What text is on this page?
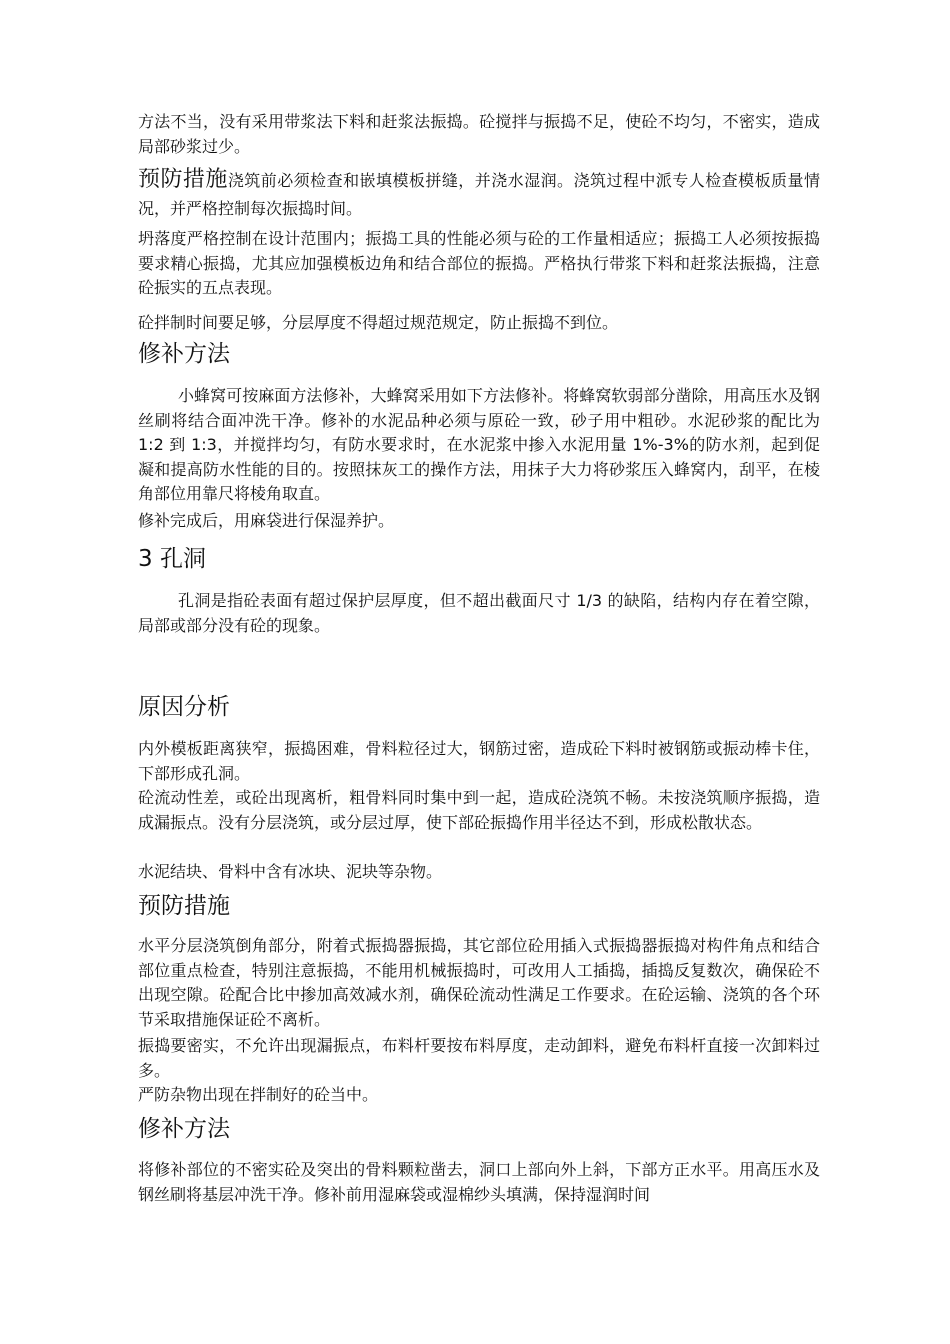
方法不当，没有采用带浆法下料和赶浆法振捣。砼搅拌与振捣不足，使砼不均匀，不密实，造成局部砂浆过少。

预防措施浇筑前必须检查和嵌填模板拼缝，并浇水湿润。浇筑过程中派专人检查模板质量情况，并严格控制每次振捣时间。

坍落度严格控制在设计范围内；振捣工具的性能必须与砼的工作量相适应；振捣工人必须按振捣要求精心振捣，尤其应加强模板边角和结合部位的振捣。严格执行带浆下料和赶浆法振捣，注意砼振实的五点表现。

砼拌制时间要足够，分层厚度不得超过规范规定，防止振捣不到位。

修补方法

小蜂窝可按麻面方法修补，大蜂窝采用如下方法修补。将蜂窝软弱部分凿除，用高压水及钢丝刷将结合面冲洗干净。修补的水泥品种必须与原砼一致，砂子用中粗砂。水泥砂浆的配比为 1:2 到 1:3，并搅拌均匀，有防水要求时，在水泥浆中掺入水泥用量 1%-3%的防水剂，起到促凝和提高防水性能的目的。按照抹灰工的操作方法，用抹子大力将砂浆压入蜂窝内，刮平，在棱角部位用靠尺将棱角取直。

修补完成后，用麻袋进行保湿养护。

3 孔洞

孔洞是指砼表面有超过保护层厚度，但不超出截面尺寸 1/3 的缺陷，结构内存在着空隙，局部或部分没有砼的现象。

原因分析

内外模板距离狭窄，振捣困难，骨料粒径过大，钢筋过密，造成砼下料时被钢筋或振动棒卡住，下部形成孔洞。

砼流动性差，或砼出现离析，粗骨料同时集中到一起，造成砼浇筑不畅。未按浇筑顺序振捣，造成漏振点。没有分层浇筑，或分层过厚，使下部砼振捣作用半径达不到，形成松散状态。

水泥结块、骨料中含有冰块、泥块等杂物。

预防措施

水平分层浇筑倒角部分，附着式振捣器振捣，其它部位砼用插入式振捣器振捣对构件角点和结合部位重点检查，特别注意振捣，不能用机械振捣时，可改用人工插捣，插捣反复数次，确保砼不出现空隙。砼配合比中掺加高效减水剂，确保砼流动性满足工作要求。在砼运输、浇筑的各个环节采取措施保证砼不离析。

振捣要密实，不允许出现漏振点，布料杆要按布料厚度，走动卸料，避免布料杆直接一次卸料过多。

严防杂物出现在拌制好的砼当中。

修补方法

将修补部位的不密实砼及突出的骨料颗粒凿去，洞口上部向外上斜，下部方正水平。用高压水及钢丝刷将基层冲洗干净。修补前用湿麻袋或湿棉纱头填满，保持湿润时间
